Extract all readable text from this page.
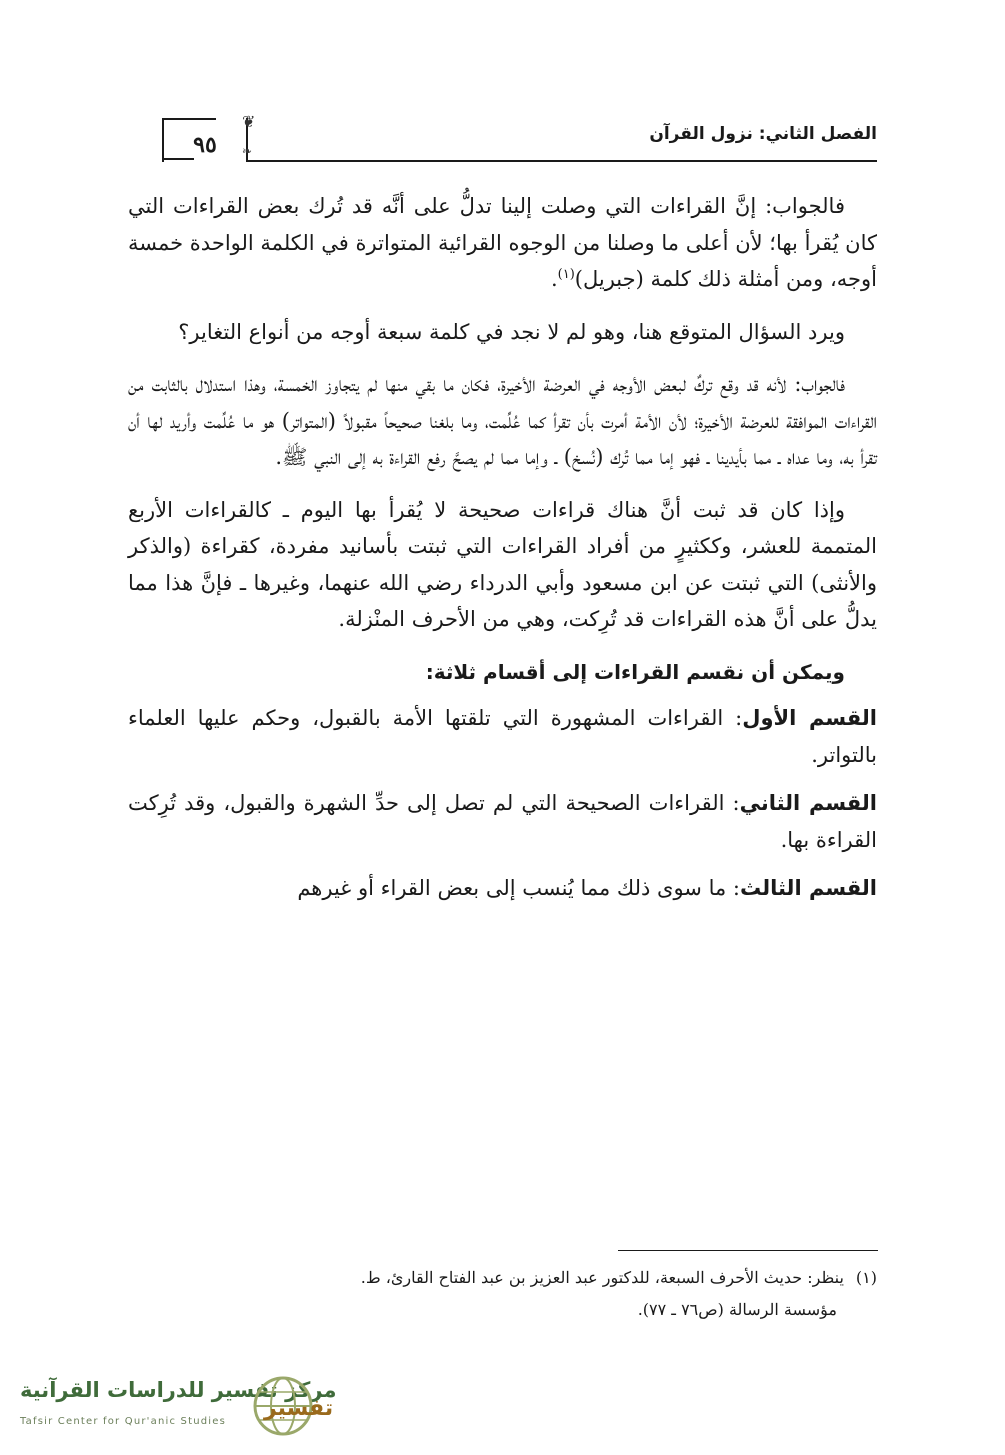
الفصل الثاني: نزول القرآن
٩٥
❦
❧

فالجواب: إنَّ القراءات التي وصلت إلينا تدلُّ على أنَّه قد تُرك بعض القراءات التي كان يُقرأ بها؛ لأن أعلى ما وصلنا من الوجوه القرائية المتواترة في الكلمة الواحدة خمسة أوجه، ومن أمثلة ذلك كلمة (جبريل)$^{(١)}$.

ويرد السؤال المتوقع هنا، وهو لم لا نجد في كلمة سبعة أوجه من أنواع التغاير؟

فالجواب: لأنه قد وقع تركٌ لبعض الأوجه في العرضة الأخيرة، فكان ما بقي منها لم يتجاوز الخمسة، وهذا استدلال بالثابت من القراءات الموافقة للعرضة الأخيرة؛ لأن الأمة أمرت بأن تقرأ كما عُلِّمت، وما بلغنا صحيحاً مقبولاً (المتواتر) هو ما عُلِّمت وأريد لها أن تقرأ به، وما عداه ـ مما بأيدينا ـ فهو إما مما تُرك (نُسخ) ـ وإما مما لم يصحَّ رفع القراءة به إلى النبي ﷺ.

وإذا كان قد ثبت أنَّ هناك قراءات صحيحة لا يُقرأ بها اليوم ـ كالقراءات الأربع المتممة للعشر، وككثيرٍ من أفراد القراءات التي ثبتت بأسانيد مفردة، كقراءة (والذكر والأنثى) التي ثبتت عن ابن مسعود وأبي الدرداء رضي الله عنهما، وغيرها ـ فإنَّ هذا مما يدلُّ على أنَّ هذه القراءات قد تُرِكت، وهي من الأحرف المنْزلة.

ويمكن أن نقسم القراءات إلى أقسام ثلاثة:

القسم الأول: القراءات المشهورة التي تلقتها الأمة بالقبول، وحكم عليها العلماء بالتواتر.

القسم الثاني: القراءات الصحيحة التي لم تصل إلى حدِّ الشهرة والقبول، وقد تُرِكت القراءة بها.

القسم الثالث: ما سوى ذلك مما يُنسب إلى بعض القراء أو غيرهم

(١)ينظر: حديث الأحرف السبعة، للدكتور عبد العزيز بن عبد الفتاح القارئ، ط.
مؤسسة الرسالة (ص٧٦ ـ ٧٧).
مركز تفسير للدراسات القرآنية
Tafsir Center for Qur'anic Studies
تفسير
